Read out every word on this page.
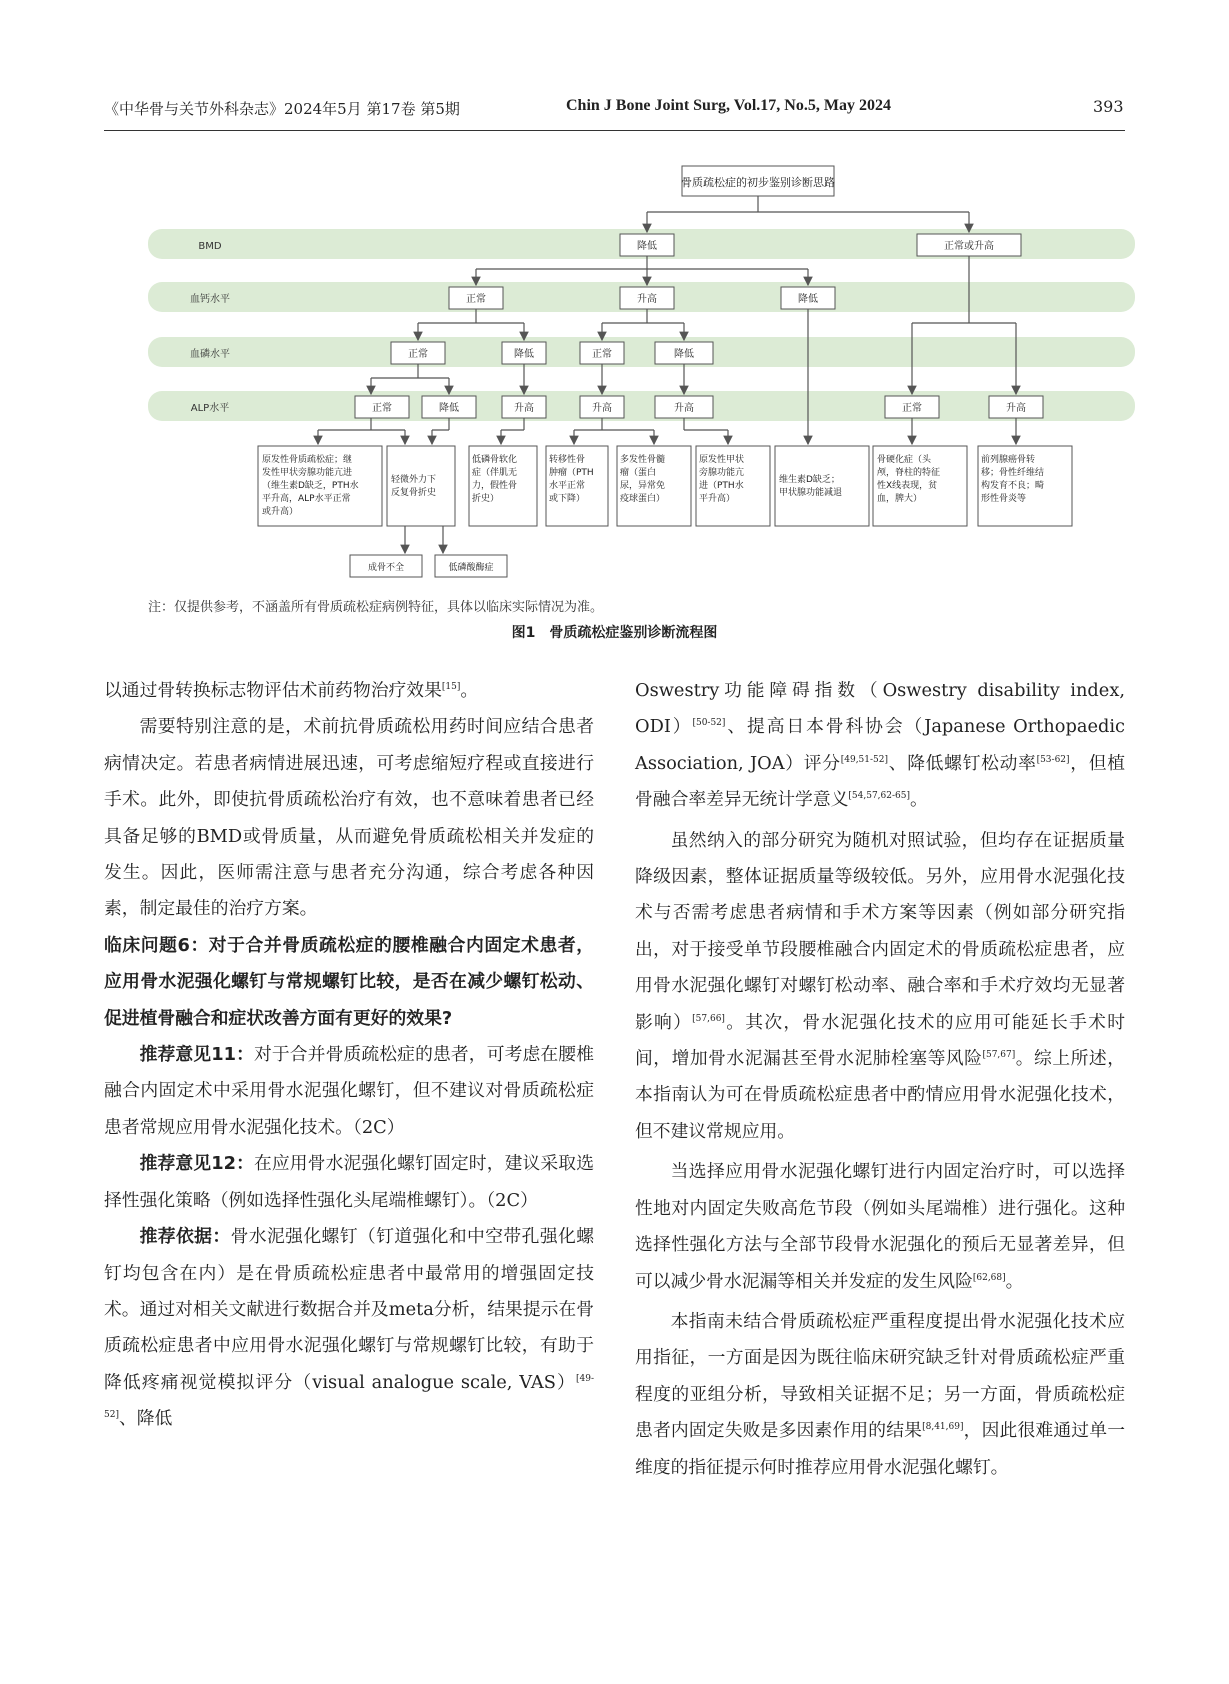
《中华骨与关节外科杂志》2024年5月 第17卷 第5期	Chin J Bone Joint Surg, Vol.17, No.5, May 2024	393
BMD
血钙水平
血磷水平
ALP水平
骨质疏松症的初步鉴别诊断思路
降低	正常或升高
正常	升高	降低
正常	降低	正常	降低
正常	降低	升高	升高	升高	正常	升高
成骨不全	低磷酸酶症
原发性骨质疏松症；继发性甲状旁腺功能亢进（维生素D缺乏，PTH水平升高，ALP水平正常或升高）
轻微外力下反复骨折史
低磷骨软化症（伴肌无力，假性骨折史）
转移性骨肿瘤（PTH 水平正常或下降）
多发性骨髓瘤（蛋白尿，异常免疫球蛋白）
原发性甲状旁腺功能亢进（PTH水平升高）
维生素D缺乏；甲状腺功能减退
骨硬化症（头颅，脊柱的特征性X线表现，贫血，脾大）
前列腺癌骨转移；骨性纤维结构发育不良；畸形性骨炎等
注：仅提供参考，不涵盖所有骨质疏松症病例特征，具体以临床实际情况为准。
图1　骨质疏松症鉴别诊断流程图

以通过骨转换标志物评估术前药物治疗效果[15]。

需要特别注意的是，术前抗骨质疏松用药时间应结合患者病情决定。若患者病情进展迅速，可考虑缩短疗程或直接进行手术。此外，即使抗骨质疏松治疗有效，也不意味着患者已经具备足够的BMD或骨质量，从而避免骨质疏松相关并发症的发生。因此，医师需注意与患者充分沟通，综合考虑各种因素，制定最佳的治疗方案。

临床问题6：对于合并骨质疏松症的腰椎融合内固定术患者，应用骨水泥强化螺钉与常规螺钉比较，是否在减少螺钉松动、促进植骨融合和症状改善方面有更好的效果?

推荐意见11：对于合并骨质疏松症的患者，可考虑在腰椎融合内固定术中采用骨水泥强化螺钉，但不建议对骨质疏松症患者常规应用骨水泥强化技术。（2C）

推荐意见12：在应用骨水泥强化螺钉固定时，建议采取选择性强化策略（例如选择性强化头尾端椎螺钉）。（2C）

推荐依据：骨水泥强化螺钉（钉道强化和中空带孔强化螺钉均包含在内）是在骨质疏松症患者中最常用的增强固定技术。通过对相关文献进行数据合并及meta分析，结果提示在骨质疏松症患者中应用骨水泥强化螺钉与常规螺钉比较，有助于降低疼痛视觉模拟评分（visual analogue scale, VAS）[49-52]、降低

Oswestry功能障碍指数（Oswestry disability index, ODI）[50-52]、提高日本骨科协会（Japanese Orthopaedic Association, JOA）评分[49,51-52]、降低螺钉松动率[53-62]，但植骨融合率差异无统计学意义[54,57,62-65]。

虽然纳入的部分研究为随机对照试验，但均存在证据质量降级因素，整体证据质量等级较低。另外，应用骨水泥强化技术与否需考虑患者病情和手术方案等因素（例如部分研究指出，对于接受单节段腰椎融合内固定术的骨质疏松症患者，应用骨水泥强化螺钉对螺钉松动率、融合率和手术疗效均无显著影响）[57,66]。其次，骨水泥强化技术的应用可能延长手术时间，增加骨水泥漏甚至骨水泥肺栓塞等风险[57,67]。综上所述，本指南认为可在骨质疏松症患者中酌情应用骨水泥强化技术，但不建议常规应用。

当选择应用骨水泥强化螺钉进行内固定治疗时，可以选择性地对内固定失败高危节段（例如头尾端椎）进行强化。这种选择性强化方法与全部节段骨水泥强化的预后无显著差异，但可以减少骨水泥漏等相关并发症的发生风险[62,68]。

本指南未结合骨质疏松症严重程度提出骨水泥强化技术应用指征，一方面是因为既往临床研究缺乏针对骨质疏松症严重程度的亚组分析，导致相关证据不足；另一方面，骨质疏松症患者内固定失败是多因素作用的结果[8,41,69]，因此很难通过单一维度的指征提示何时推荐应用骨水泥强化螺钉。
